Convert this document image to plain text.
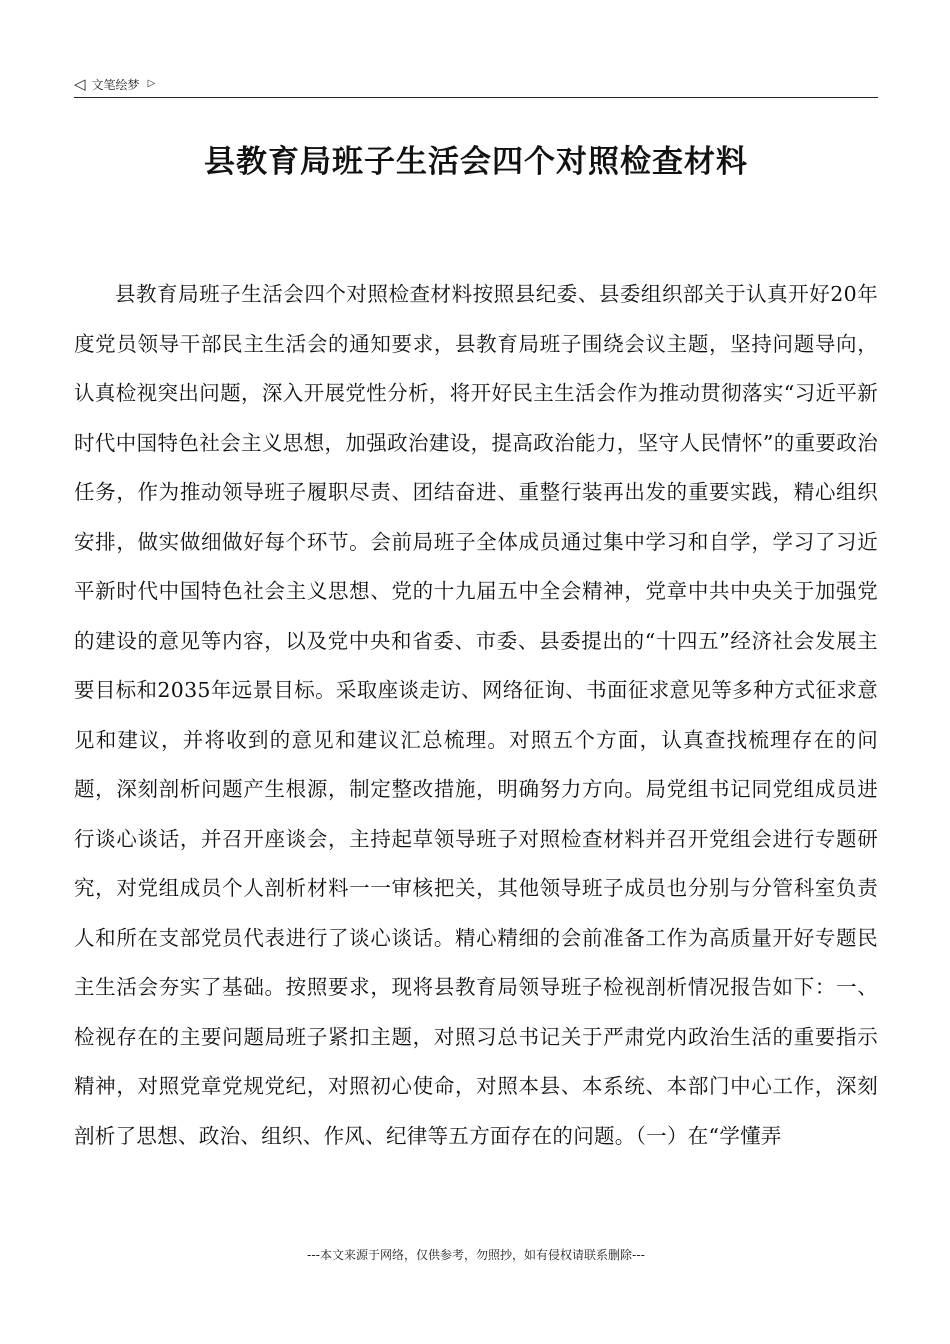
◁ 文笔绘梦 ▷
县教育局班子生活会四个对照检查材料

县教育局班子生活会四个对照检查材料按照县纪委、县委组织部关于认真开好20年度党员领导干部民主生活会的通知要求，县教育局班子围绕会议主题，坚持问题导向，认真检视突出问题，深入开展党性分析，将开好民主生活会作为推动贯彻落实“习近平新时代中国特色社会主义思想，加强政治建设，提高政治能力，坚守人民情怀”的重要政治任务，作为推动领导班子履职尽责、团结奋进、重整行装再出发的重要实践，精心组织安排，做实做细做好每个环节。会前局班子全体成员通过集中学习和自学，学习了习近平新时代中国特色社会主义思想、党的十九届五中全会精神，党章中共中央关于加强党的建设的意见等内容，以及党中央和省委、市委、县委提出的“十四五”经济社会发展主要目标和2035年远景目标。采取座谈走访、网络征询、书面征求意见等多种方式征求意见和建议，并将收到的意见和建议汇总梳理。对照五个方面，认真查找梳理存在的问题，深刻剖析问题产生根源，制定整改措施，明确努力方向。局党组书记同党组成员进行谈心谈话，并召开座谈会，主持起草领导班子对照检查材料并召开党组会进行专题研究，对党组成员个人剖析材料一一审核把关，其他领导班子成员也分别与分管科室负责人和所在支部党员代表进行了谈心谈话。精心精细的会前准备工作为高质量开好专题民主生活会夯实了基础。按照要求，现将县教育局领导班子检视剖析情况报告如下：一、检视存在的主要问题局班子紧扣主题，对照习总书记关于严肃党内政治生活的重要指示精神，对照党章党规党纪，对照初心使命，对照本县、本系统、本部门中心工作，深刻剖析了思想、政治、组织、作风、纪律等五方面存在的问题。（一）在“学懂弄

---本文来源于网络，仅供参考，勿照抄，如有侵权请联系删除---
